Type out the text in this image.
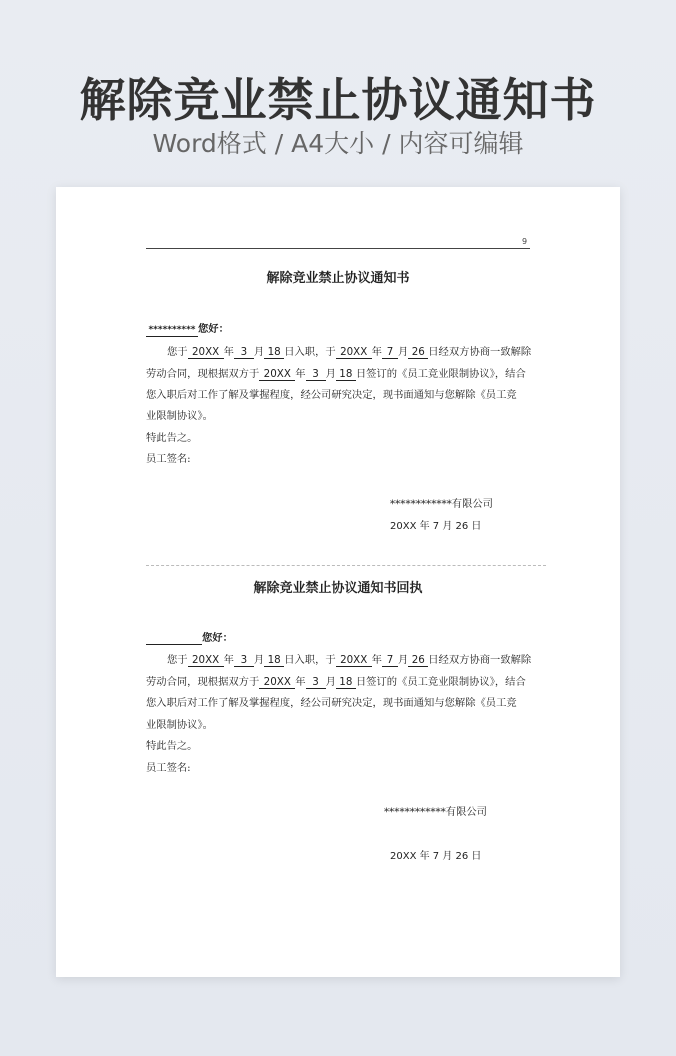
解除竞业禁止协议通知书
Word格式 / A4大小 / 内容可编辑
9
解除竞业禁止协议通知书
********** 您好：
您于 20XX 年 3 月 18 日入职，于 20XX 年 7 月 26 日经双方协商一致解除
劳动合同，现根据双方于 20XX 年 3 月 18 日签订的《员工竞业限制协议》，结合
您入职后对工作了解及掌握程度，经公司研究决定，现书面通知与您解除《员工竞
业限制协议》。
特此告之。
员工签名:
************有限公司
20XX 年 7 月 26 日
解除竞业禁止协议通知书回执
您好：
您于 20XX 年 3 月 18 日入职，于 20XX 年 7 月 26 日经双方协商一致解除
劳动合同，现根据双方于 20XX 年 3 月 18 日签订的《员工竞业限制协议》，结合
您入职后对工作了解及掌握程度，经公司研究决定，现书面通知与您解除《员工竞
业限制协议》。
特此告之。
员工签名:
************有限公司
20XX 年 7 月 26 日
